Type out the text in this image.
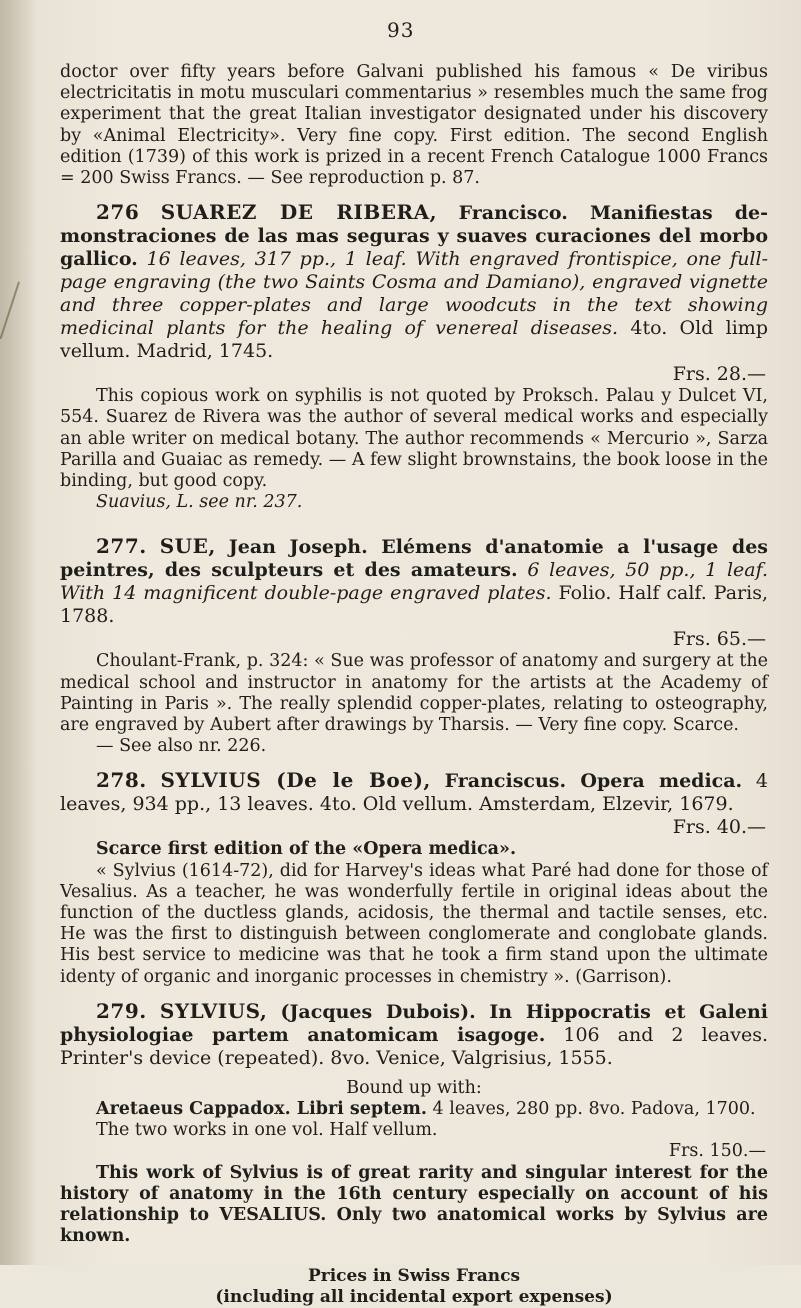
93

doctor over fifty years before Galvani published his famous « De viribus electricitatis in motu musculari commentarius » resembles much the same frog experiment that the great Italian investigator designated under his discovery by «Animal Electricity». Very fine copy. First edition. The second English edition (1739) of this work is prized in a recent French Catalogue 1000 Francs = 200 Swiss Francs. — See reproduction p. 87.

276 SUAREZ DE RIBERA, Francisco. Manifiestas de-monstraciones de las mas seguras y suaves curaciones del morbo gallico. 16 leaves, 317 pp., 1 leaf. With engraved frontispice, one full-page engraving (the two Saints Cosma and Damiano), engraved vignette and three copper-plates and large woodcuts in the text showing medicinal plants for the healing of venereal diseases. 4to. Old limp vellum. Madrid, 1745.
Frs. 28.—

This copious work on syphilis is not quoted by Proksch. Palau y Dulcet VI, 554. Suarez de Rivera was the author of several medical works and especially an able writer on medical botany. The author recommends « Mercurio », Sarza Parilla and Guaiac as remedy. — A few slight brownstains, the book loose in the binding, but good copy.

Suavius, L. see nr. 237.

277. SUE, Jean Joseph. Elémens d'anatomie a l'usage des peintres, des sculpteurs et des amateurs. 6 leaves, 50 pp., 1 leaf. With 14 magnificent double-page engraved plates. Folio. Half calf. Paris, 1788.
Frs. 65.—

Choulant-Frank, p. 324: « Sue was professor of anatomy and surgery at the medical school and instructor in anatomy for the artists at the Academy of Painting in Paris ». The really splendid copper-plates, relating to osteography, are engraved by Aubert after drawings by Tharsis. — Very fine copy. Scarce.

— See also nr. 226.

278. SYLVIUS (De le Boe), Franciscus. Opera medica. 4 leaves, 934 pp., 13 leaves. 4to. Old vellum. Amsterdam, Elzevir, 1679.
Frs. 40.—

Scarce first edition of the «Opera medica».

« Sylvius (1614-72), did for Harvey's ideas what Paré had done for those of Vesalius. As a teacher, he was wonderfully fertile in original ideas about the function of the ductless glands, acidosis, the thermal and tactile senses, etc. He was the first to distinguish between conglomerate and conglobate glands. His best service to medicine was that he took a firm stand upon the ultimate identy of organic and inorganic processes in chemistry ». (Garrison).

279. SYLVIUS, (Jacques Dubois). In Hippocratis et Galeni physiologiae partem anatomicam isagoge. 106 and 2 leaves. Printer's device (repeated). 8vo. Venice, Valgrisius, 1555.

Bound up with:

Aretaeus Cappadox. Libri septem. 4 leaves, 280 pp. 8vo. Padova, 1700.

The two works in one vol. Half vellum.
Frs. 150.—

This work of Sylvius is of great rarity and singular interest for the history of anatomy in the 16th century especially on account of his relationship to VESALIUS. Only two anatomical works by Sylvius are known.

Prices in Swiss Francs

(including all incidental export expenses)
